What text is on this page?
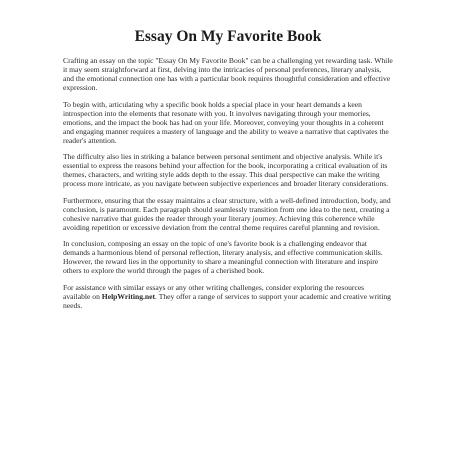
Essay On My Favorite Book

Crafting an essay on the topic "Essay On My Favorite Book" can be a challenging yet rewarding task. While it may seem straightforward at first, delving into the intricacies of personal preferences, literary analysis, and the emotional connection one has with a particular book requires thoughtful consideration and effective expression.

To begin with, articulating why a specific book holds a special place in your heart demands a keen introspection into the elements that resonate with you. It involves navigating through your memories, emotions, and the impact the book has had on your life. Moreover, conveying your thoughts in a coherent and engaging manner requires a mastery of language and the ability to weave a narrative that captivates the reader's attention.

The difficulty also lies in striking a balance between personal sentiment and objective analysis. While it's essential to express the reasons behind your affection for the book, incorporating a critical evaluation of its themes, characters, and writing style adds depth to the essay. This dual perspective can make the writing process more intricate, as you navigate between subjective experiences and broader literary considerations.

Furthermore, ensuring that the essay maintains a clear structure, with a well-defined introduction, body, and conclusion, is paramount. Each paragraph should seamlessly transition from one idea to the next, creating a cohesive narrative that guides the reader through your literary journey. Achieving this coherence while avoiding repetition or excessive deviation from the central theme requires careful planning and revision.

In conclusion, composing an essay on the topic of one's favorite book is a challenging endeavor that demands a harmonious blend of personal reflection, literary analysis, and effective communication skills. However, the reward lies in the opportunity to share a meaningful connection with literature and inspire others to explore the world through the pages of a cherished book.

For assistance with similar essays or any other writing challenges, consider exploring the resources available on HelpWriting.net. They offer a range of services to support your academic and creative writing needs.
